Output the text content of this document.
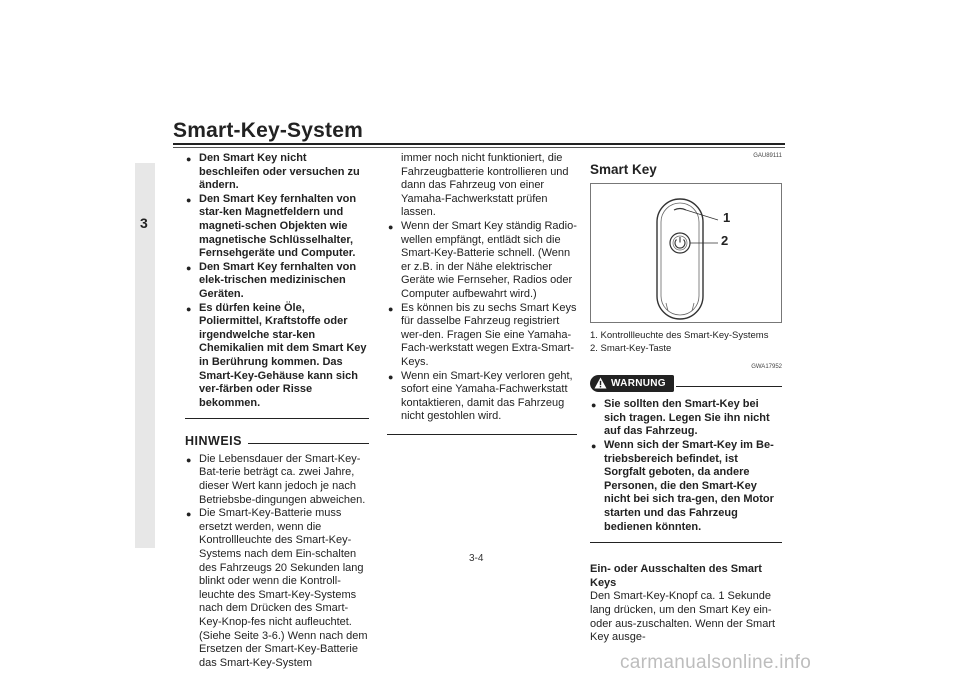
Smart-Key-System
3
● Den Smart Key nicht beschleifen oder versuchen zu ändern.
● Den Smart Key fernhalten von star-ken Magnetfeldern und magneti-schen Objekten wie magnetische Schlüsselhalter, Fernsehgeräte und Computer.
● Den Smart Key fernhalten von elek-trischen medizinischen Geräten.
● Es dürfen keine Öle, Poliermittel, Kraftstoffe oder irgendwelche star-ken Chemikalien mit dem Smart Key in Berührung kommen. Das Smart-Key-Gehäuse kann sich ver-färben oder Risse bekommen.
HINWEIS
● Die Lebensdauer der Smart-Key-Bat-terie beträgt ca. zwei Jahre, dieser Wert kann jedoch je nach Betriebsbe-dingungen abweichen.
● Die Smart-Key-Batterie muss ersetzt werden, wenn die Kontrollleuchte des Smart-Key-Systems nach dem Ein-schalten des Fahrzeugs 20 Sekunden lang blinkt oder wenn die Kontroll-leuchte des Smart-Key-Systems nach dem Drücken des Smart-Key-Knop-fes nicht aufleuchtet. (Siehe Seite 3-6.) Wenn nach dem Ersetzen der Smart-Key-Batterie das Smart-Key-System
immer noch nicht funktioniert, die Fahrzeugbatterie kontrollieren und dann das Fahrzeug von einer Yamaha-Fachwerkstatt prüfen lassen.
● Wenn der Smart Key ständig Radio-wellen empfängt, entlädt sich die Smart-Key-Batterie schnell. (Wenn er z.B. in der Nähe elektrischer Geräte wie Fernseher, Radios oder Computer aufbewahrt wird.)
● Es können bis zu sechs Smart Keys für dasselbe Fahrzeug registriert wer-den. Fragen Sie eine Yamaha-Fach-werkstatt wegen Extra-Smart-Keys.
● Wenn ein Smart-Key verloren geht, sofort eine Yamaha-Fachwerkstatt kontaktieren, damit das Fahrzeug nicht gestohlen wird.
GAU89111
Smart Key
1
2
1. Kontrollleuchte des Smart-Key-Systems
2. Smart-Key-Taste
GWA17952
WARNUNG
● Sie sollten den Smart-Key bei sich tragen. Legen Sie ihn nicht auf das Fahrzeug.
● Wenn sich der Smart-Key im Be-triebsbereich befindet, ist Sorgfalt geboten, da andere Personen, die den Smart-Key nicht bei sich tra-gen, den Motor starten und das Fahrzeug bedienen könnten.
Ein- oder Ausschalten des Smart Keys
Den Smart-Key-Knopf ca. 1 Sekunde lang drücken, um den Smart Key ein- oder aus-zuschalten. Wenn der Smart Key ausge-
3-4
carmanualsonline.info
